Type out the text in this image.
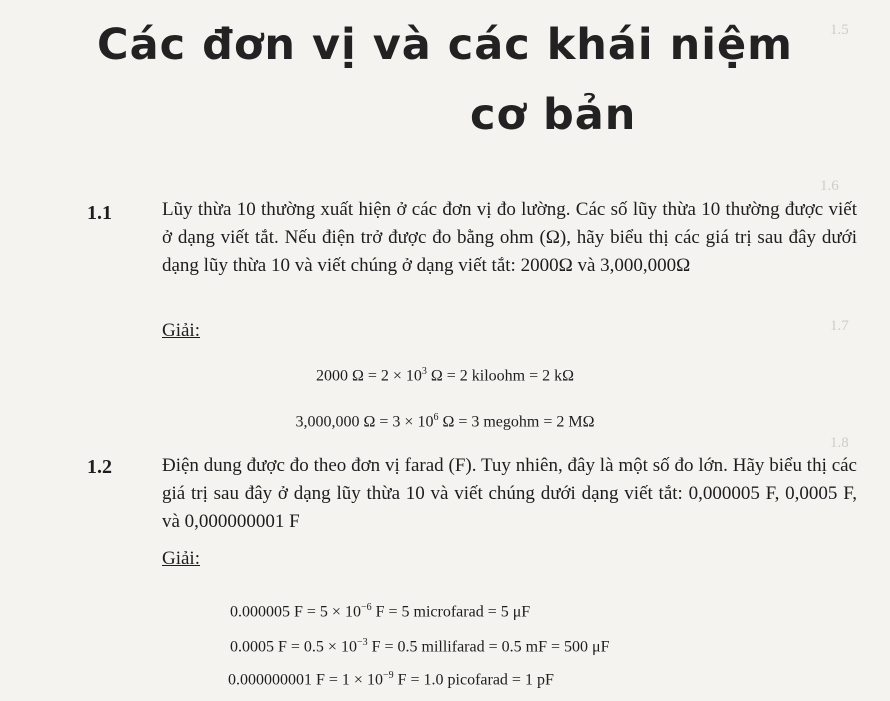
1.5
1.6
1.7
1.8
Các đơn vị và các khái niệm
cơ bản
1.1	Lũy thừa 10 thường xuất hiện ở các đơn vị đo lường. Các số lũy thừa 10 thường được viết ở dạng viết tắt. Nếu điện trở được đo bằng ohm (Ω), hãy biểu thị các giá trị sau đây dưới dạng lũy thừa 10 và viết chúng ở dạng viết tắt: 2000Ω và 3,000,000Ω
Giải:
2000 $\Omega = 2 \times 10^3$ Ω = 2 kiloohm = 2 kΩ
3,000,000 $\Omega = 3 \times 10^6$ Ω = 3 megohm = 2 MΩ
1.2	Điện dung được đo theo đơn vị farad (F). Tuy nhiên, đây là một số đo lớn. Hãy biểu thị các giá trị sau đây ở dạng lũy thừa 10 và viết chúng dưới dạng viết tắt: 0,000005 F, 0,0005 F, và 0,000000001 F
Giải:
0.000005 $F = 5 \times 10^{-6}$ F = 5 microfarad = 5 μF
0.0005 $F = 0.5 \times 10^{-3}$ F = 0.5 millifarad = 0.5 mF = 500 μF
0.000000001 $F = 1 \times 10^{-9}$ F = 1.0 picofarad = 1 pF
